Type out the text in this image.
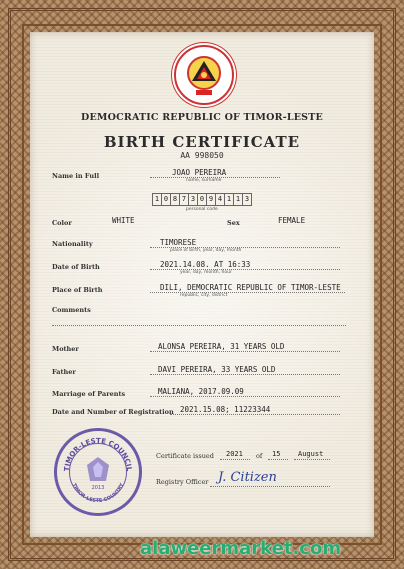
DEMOCRATIC REPUBLIC OF TIMOR-LESTE
BIRTH CERTIFICATE
AA 998050
Name in Full	JOAO PEREIRA
name, surname
1 0 8 7 3 0 9 4 1 1 3
personal code
Color	WHITE	Sex	FEMALE
Nationality	TIMORESE
place of birth, year, day, month
Date of Birth	2021.14.08. AT 16:33
year, day, month, hour
Place of Birth	DILI, DEMOCRATIC REPUBLIC OF TIMOR-LESTE
republic, city, district
Comments
Mother	ALONSA PEREIRA, 31 YEARS OLD
Father	DAVI PEREIRA, 33 YEARS OLD
Marriage of Parents	MALIANA, 2017.09.09
Date and Number of Registration 2021.15.08; 11223344
Certificate issued 2021 of 15	August
Registry Officer J. Citizen
TIMOR-LESTE COUNCIL
TIMOR-LESTE COUNTRY
2013
alaweermarket.com
